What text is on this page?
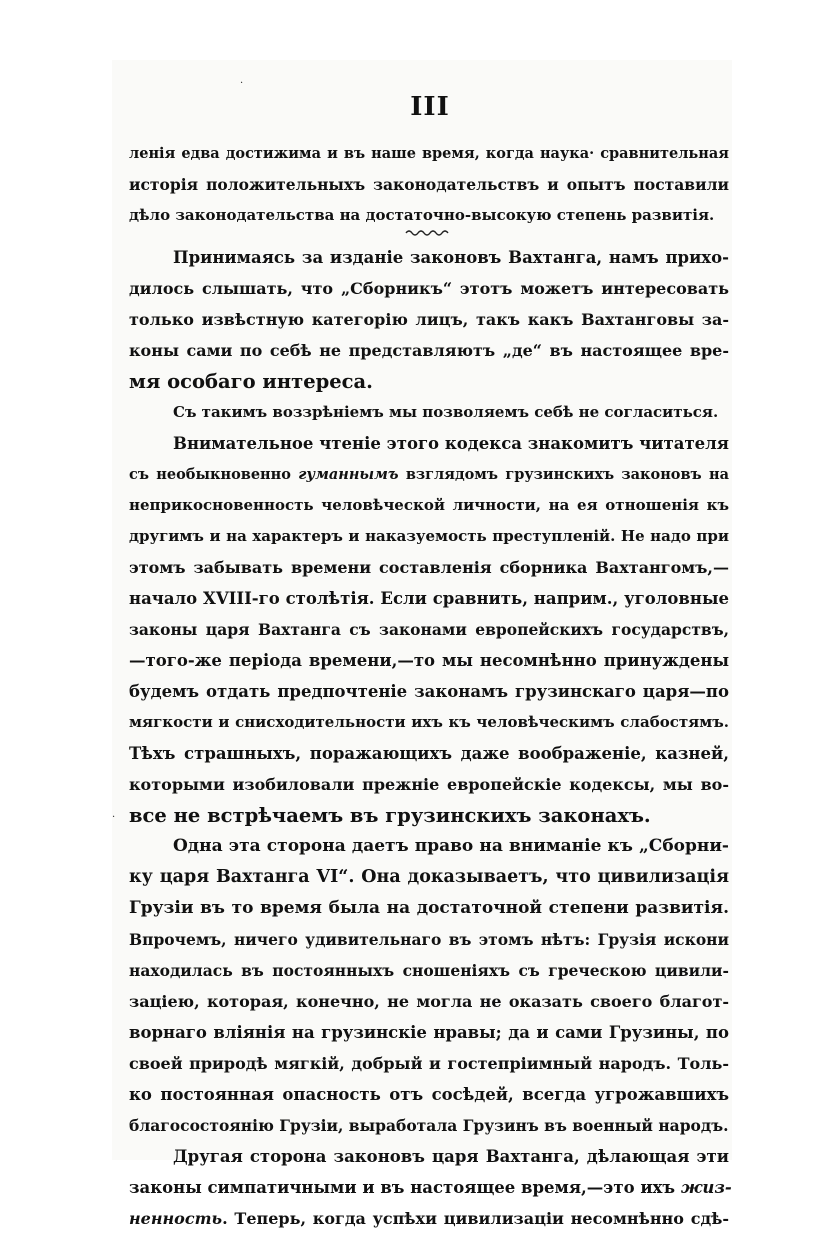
·
·
III
ленія едва достижима и въ наше время, когда наука· сравнительная
исторія положительныхъ законодательствъ и опытъ поставили
дѣло законодательства на достаточно-высокую степень развитія.
Принимаясь за изданіе законовъ Вахтанга, намъ прихо-
дилось слышать, что „Сборникъ“ этотъ можетъ интересовать
только извѣстную категорію лицъ, такъ какъ Вахтанговы за-
коны сами по себѣ не представляютъ „де“ въ настоящее вре-
мя особаго интереса.
Съ такимъ воззрѣніемъ мы позволяемъ себѣ не согласиться.
Внимательное чтеніе этого кодекса знакомитъ читателя
съ необыкновенно гуманнымъ взглядомъ грузинскихъ законовъ на
неприкосновенность человѣческой личности, на ея отношенія къ
другимъ и на характеръ и наказуемость преступленій. Не надо при
этомъ забывать времени составленія сборника Вахтангомъ,—
начало XVIII-го столѣтія. Если сравнить, наприм., уголовные
законы царя Вахтанга съ законами европейскихъ государствъ,
—того-же періода времени,—то мы несомнѣнно принуждены
будемъ отдать предпочтеніе законамъ грузинскаго царя—по
мягкости и снисходительности ихъ къ человѣческимъ слабостямъ.
Тѣхъ страшныхъ, поражающихъ даже воображеніе, казней,
которыми изобиловали прежніе европейскіе кодексы, мы во-
все не встрѣчаемъ въ грузинскихъ законахъ.
Одна эта сторона даетъ право на вниманіе къ „Сборни-
ку царя Вахтанга VI“. Она доказываетъ, что цивилизація
Грузіи въ то время была на достаточной степени развитія.
Впрочемъ, ничего удивительнаго въ этомъ нѣтъ: Грузія искони
находилась въ постоянныхъ сношеніяхъ съ греческою цивили-
заціею, которая, конечно, не могла не оказать своего благот-
ворнаго вліянія на грузинскіе нравы; да и сами Грузины, по
своей природѣ мягкій, добрый и гостепріимный народъ. Толь-
ко постоянная опасность отъ сосѣдей, всегда угрожавшихъ
благосостоянію Грузіи, выработала Грузинъ въ военный народъ.
Другая сторона законовъ царя Вахтанга, дѣлающая эти
законы симпатичными и въ настоящее время,—это ихъ жиз-
ненность. Теперь, когда успѣхи цивилизаціи несомнѣнно сдѣ-
